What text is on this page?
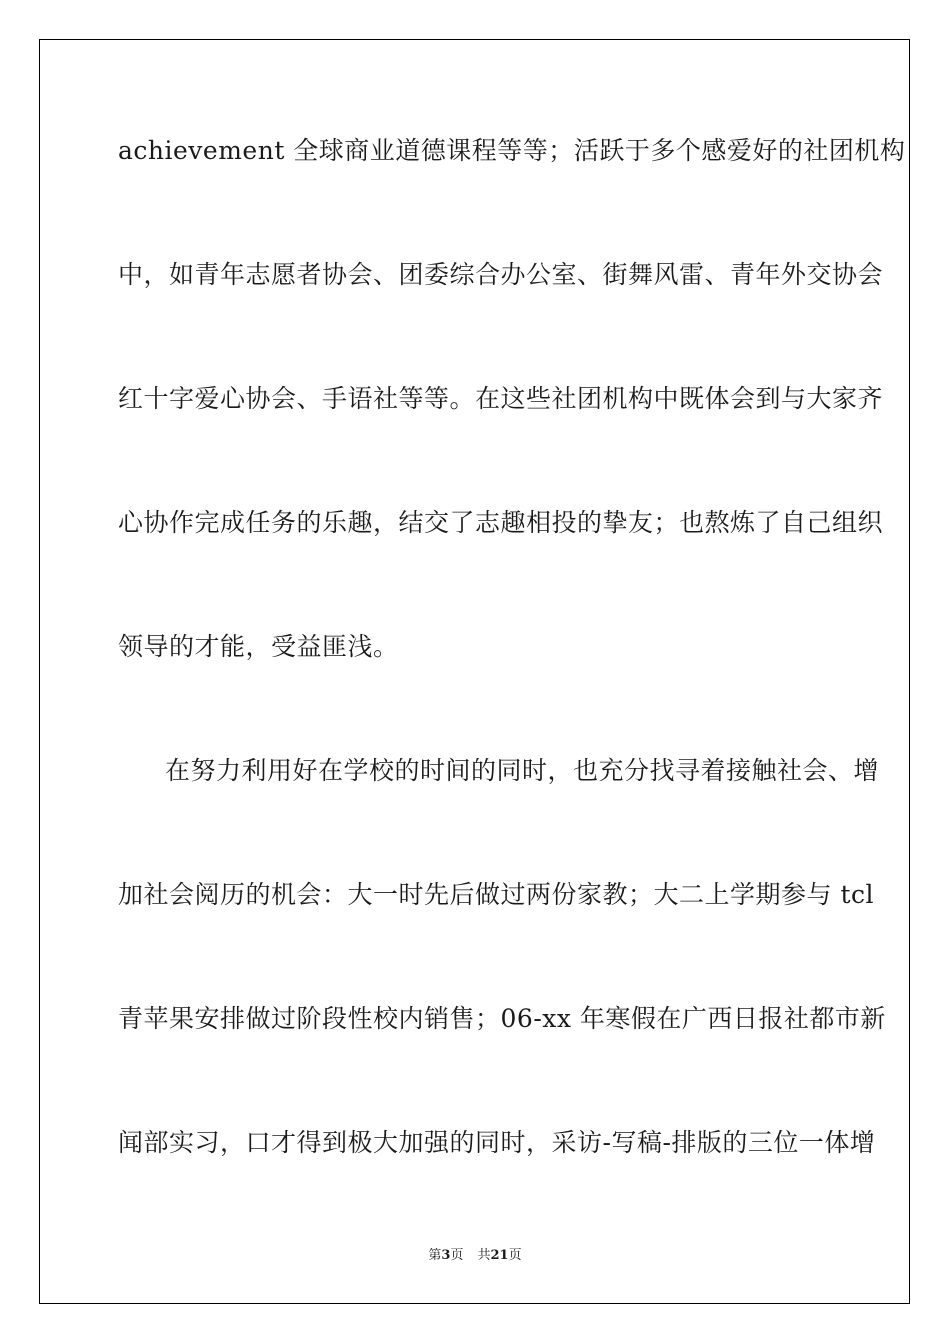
achievement 全球商业道德课程等等；活跃于多个感爱好的社团机构
中，如青年志愿者协会、团委综合办公室、街舞风雷、青年外交协会
红十字爱心协会、手语社等等。在这些社团机构中既体会到与大家齐
心协作完成任务的乐趣，结交了志趣相投的挚友；也熬炼了自己组织
领导的才能，受益匪浅。
在努力利用好在学校的时间的同时，也充分找寻着接触社会、增
加社会阅历的机会：大一时先后做过两份家教；大二上学期参与 tcl
青苹果安排做过阶段性校内销售；06-xx 年寒假在广西日报社都市新
闻部实习，口才得到极大加强的同时，采访-写稿-排版的三位一体增
第3页 共21页
